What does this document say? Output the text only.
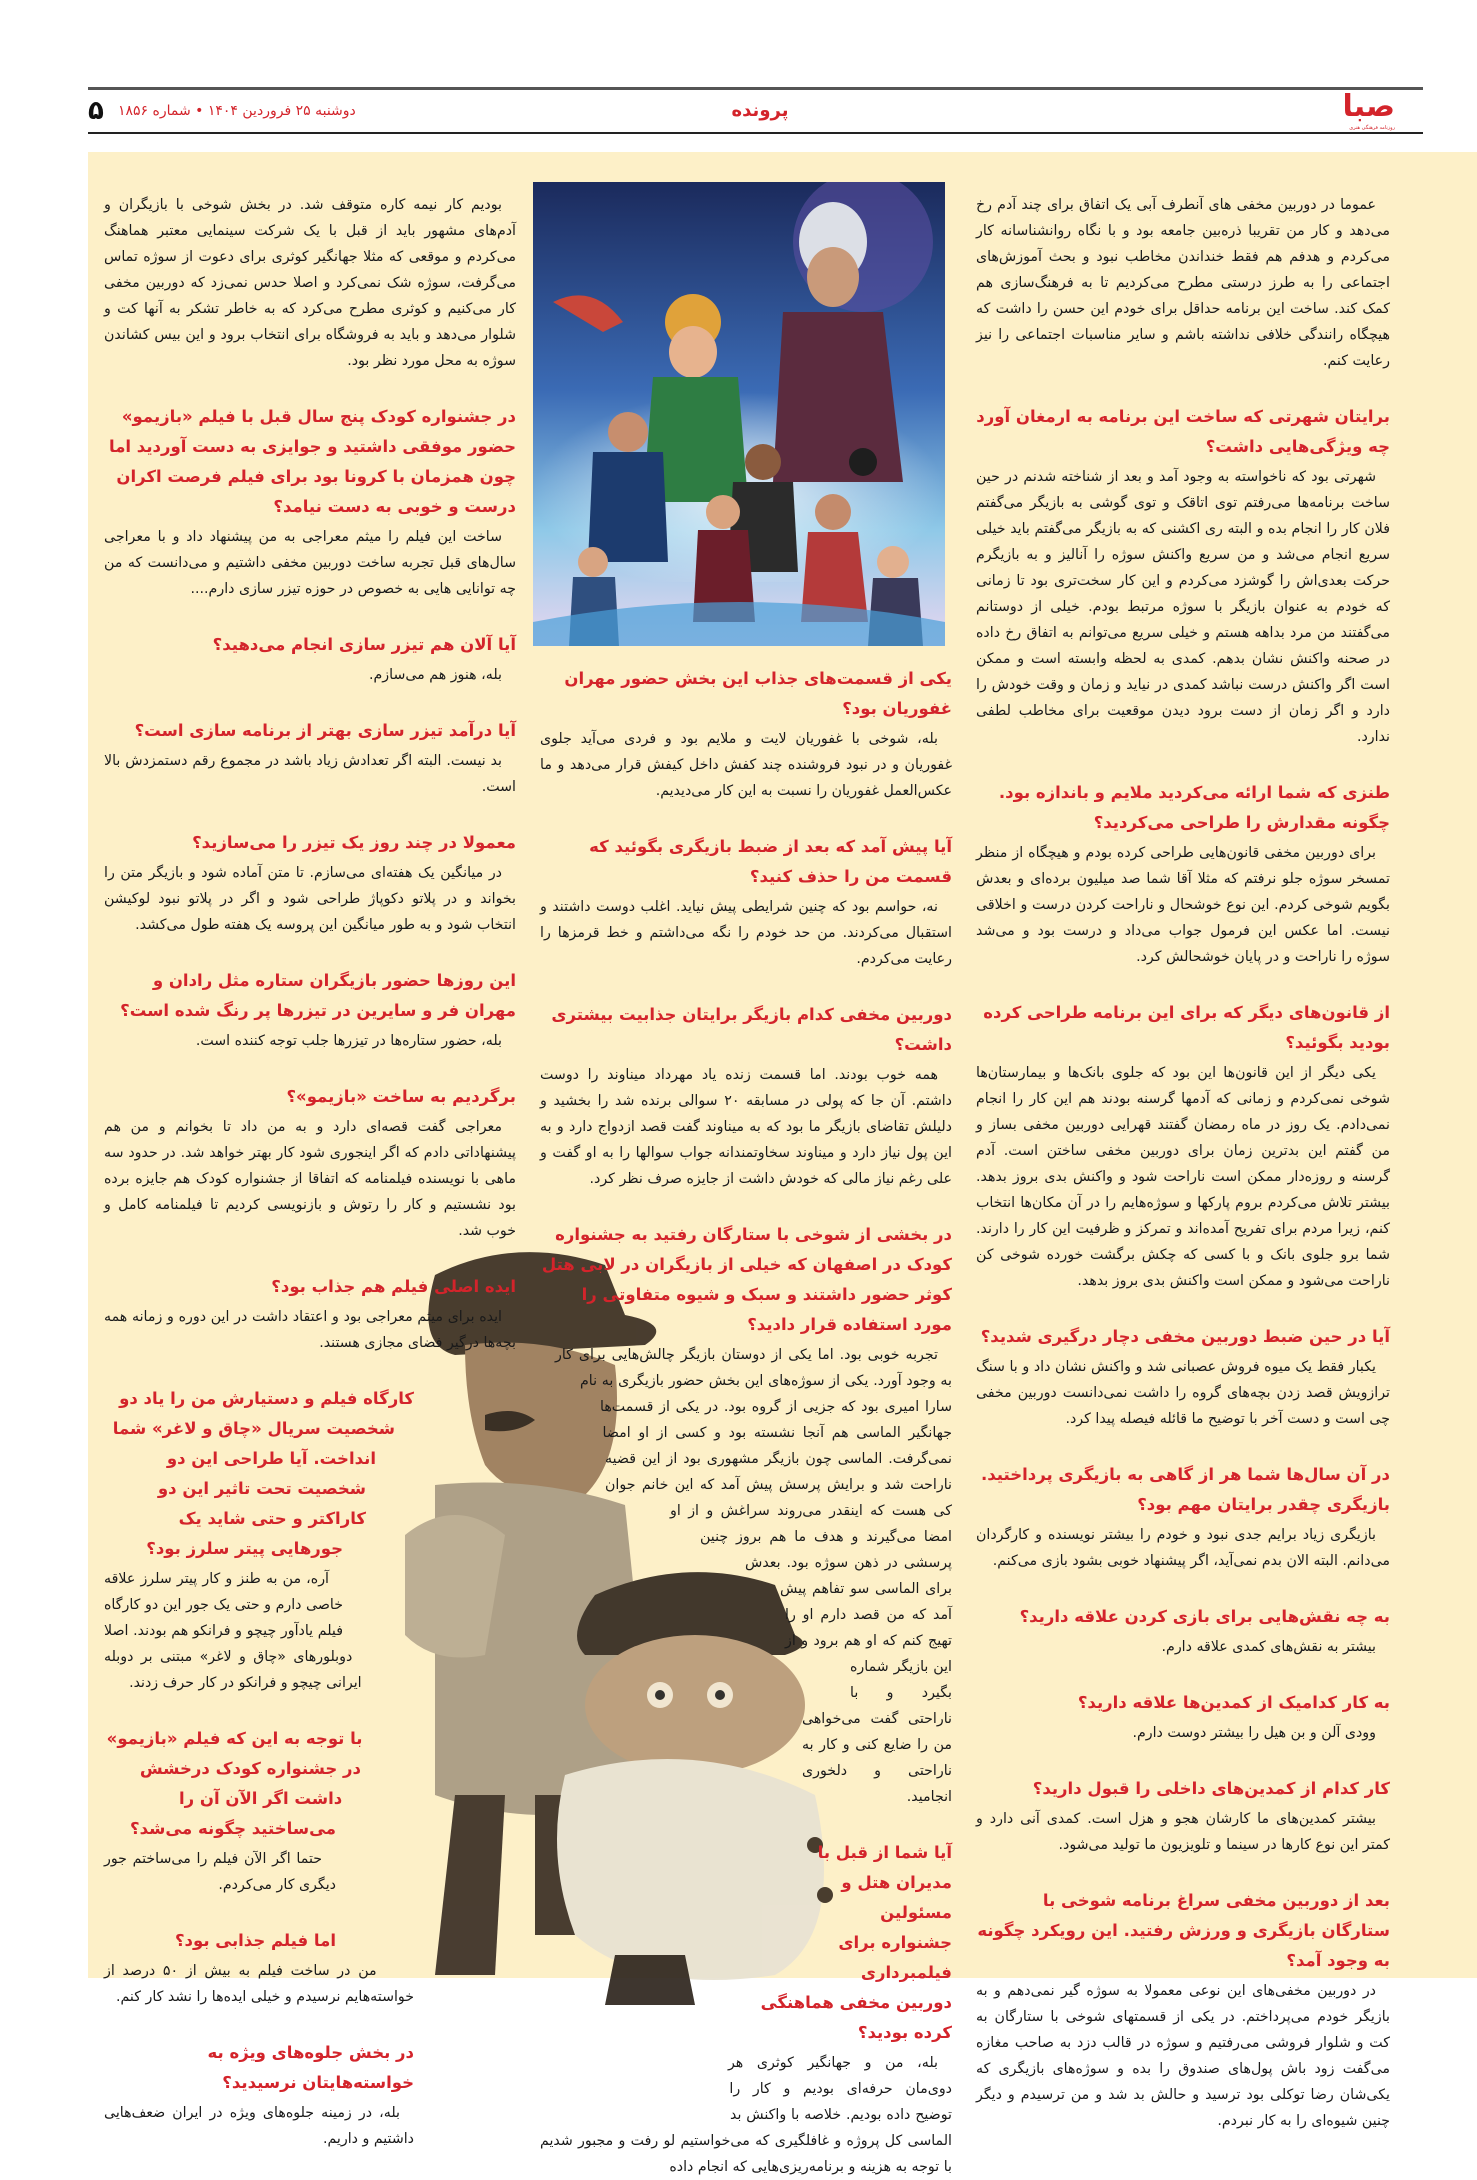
صبا
روزنامه فرهنگی هنری
پرونده
دوشنبه ۲۵ فروردین ۱۴۰۴ • شماره ۱۸۵۶
۵

عموما در دوربین مخفی های آنطرف آبی یک اتفاق برای چند آدم رخ می‌دهد و کار من تقریبا ذره‌بین جامعه بود و با نگاه روانشناسانه کار می‌کردم و هدفم هم فقط خنداندن مخاطب نبود و بحث آموزش‌های اجتماعی را به طرز درستی مطرح می‌کردیم تا به فرهنگ‌سازی هم کمک کند. ساخت این برنامه حداقل برای خودم این حسن را داشت که هیچگاه رانندگی خلافی نداشته باشم و سایر مناسبات اجتماعی را نیز رعایت کنم.

برایتان شهرتی که ساخت این برنامه به ارمغان آورد چه ویژگی‌هایی داشت؟

شهرتی بود که ناخواسته به وجود آمد و بعد از شناخته شدنم در حین ساخت برنامه‌ها می‌رفتم توی اتاقک و توی گوشی به بازیگر می‌گفتم فلان کار را انجام بده و البته ری اکشنی که به بازیگر می‌گفتم باید خیلی سریع انجام می‌شد و من سریع واکنش سوژه را آنالیز و به بازیگرم حرکت بعدی‌اش را گوشزد می‌کردم و این کار سخت‌تری بود تا زمانی که خودم به عنوان بازیگر با سوژه مرتبط بودم. خیلی از دوستانم می‌گفتند من مرد بداهه هستم و خیلی سریع می‌توانم به اتفاق رخ داده در صحنه واکنش نشان بدهم. کمدی به لحظه وابسته است و ممکن است اگر واکنش درست نباشد کمدی در نیاید و زمان و وقت خودش را دارد و اگر زمان از دست برود دیدن موقعیت برای مخاطب لطفی ندارد.

طنزی که شما ارائه می‌کردید ملایم و باندازه بود. چگونه مقدارش را طراحی می‌کردید؟

برای دوربین مخفی قانون‌هایی طراحی کرده بودم و هیچگاه از منظر تمسخر سوژه جلو نرفتم که مثلا آقا شما صد میلیون برده‌ای و بعدش بگویم شوخی کردم. این نوع خوشحال و ناراحت کردن درست و اخلاقی نیست. اما عکس این فرمول جواب می‌داد و درست بود و می‌شد سوژه را ناراحت و در پایان خوشحالش کرد.

از قانون‌های دیگر که برای این برنامه طراحی کرده بودید بگوئید؟

یکی دیگر از این قانون‌ها این بود که جلوی بانک‌ها و بیمارستان‌ها شوخی نمی‌کردم و زمانی که آدمها گرسنه بودند هم این کار را انجام نمی‌دادم. یک روز در ماه رمضان گفتند قهرایی دوربین مخفی بساز و من گفتم این بدترین زمان برای دوربین مخفی ساختن است. آدم گرسنه و روزه‌دار ممکن است ناراحت شود و واکنش بدی بروز بدهد. بیشتر تلاش می‌کردم بروم پارکها و سوژه‌هایم را در آن مکان‌ها انتخاب کنم، زیرا مردم برای تفریح آمده‌اند و تمرکز و ظرفیت این کار را دارند. شما برو جلوی بانک و با کسی که چکش برگشت خورده شوخی کن ناراحت می‌شود و ممکن است واکنش بدی بروز بدهد.

آیا در حین ضبط دوربین مخفی دچار درگیری شدید؟

یکبار فقط یک میوه فروش عصبانی شد و واکنش نشان داد و با سنگ ترازویش قصد زدن بچه‌های گروه را داشت نمی‌دانست دوربین مخفی چی است و دست آخر با توضیح ما قائله فیصله پیدا کرد.

در آن سال‌ها شما هر از گاهی به بازیگری پرداختید. بازیگری چقدر برایتان مهم بود؟

بازیگری زیاد برایم جدی نبود و خودم را بیشتر نویسنده و کارگردان می‌دانم. البته الان بدم نمی‌آید، اگر پیشنهاد خوبی بشود بازی می‌کنم.

به چه نقش‌هایی برای بازی کردن علاقه دارید؟

بیشتر به نقش‌های کمدی علاقه دارم.

به کار کدامیک از کمدین‌ها علاقه دارید؟

وودی آلن و بن هیل را بیشتر دوست دارم.

کار کدام از کمدین‌های داخلی را قبول دارید؟

بیشتر کمدین‌های ما کارشان هجو و هزل است. کمدی آنی دارد و کمتر این نوع کارها در سینما و تلویزیون ما تولید می‌شود.

بعد از دوربین مخفی سراغ برنامه شوخی با ستارگان بازیگری و ورزش رفتید. این رویکرد چگونه به وجود آمد؟

در دوربین مخفی‌های این نوعی معمولا به سوژه گیر نمی‌دهم و به بازیگر خودم می‌پرداختم. در یکی از قسمتهای شوخی با ستارگان به کت و شلوار فروشی می‌رفتیم و سوژه در قالب دزد به صاحب مغازه می‌گفت زود باش پول‌های صندوق را بده و سوژه‌های بازیگری که یکی‌شان رضا توکلی بود ترسید و حالش بد شد و من ترسیدم و دیگر چنین شیوه‌ای را به کار نبردم.

یکی از قسمت‌های جذاب این بخش حضور مهران غفوریان بود؟

بله، شوخی با غفوریان لایت و ملایم بود و فردی می‌آید جلوی غفوریان و در نبود فروشنده چند کفش داخل کیفش قرار می‌دهد و ما عکس‌العمل غفوریان را نسبت به این کار می‌دیدیم.

آیا پیش آمد که بعد از ضبط بازیگری بگوئید که قسمت من را حذف کنید؟

نه، حواسم بود که چنین شرایطی پیش نیاید. اغلب دوست داشتند و استقبال می‌کردند. من حد خودم را نگه می‌داشتم و خط قرمزها را رعایت می‌کردم.

دوربین مخفی کدام بازیگر برایتان جذابیت بیشتری داشت؟

همه خوب بودند. اما قسمت زنده یاد مهرداد میناوند را دوست داشتم. آن جا که پولی در مسابقه ۲۰ سوالی برنده شد را بخشید و دلیلش تقاضای بازیگر ما بود که به میناوند گفت قصد ازدواج دارد و به این پول نیاز دارد و میناوند سخاوتمندانه جواب سوالها را به او گفت و علی رغم نیاز مالی که خودش داشت از جایزه صرف نظر کرد.

در بخشی از شوخی با ستارگان رفتید به جشنواره کودک در اصفهان که خیلی از بازیگران در لابی هتل کوثر حضور داشتند و سبک و شیوه متفاوتی را مورد استفاده قرار دادید؟

تجربه خوبی بود. اما یکی از دوستان بازیگر چالش‌هایی برای کار به وجود آورد. یکی از سوژه‌های این بخش حضور بازیگری به نام سارا امیری بود که جزیی از گروه بود. در یکی از قسمت‌ها جهانگیر الماسی هم آنجا نشسته بود و کسی از او امضا نمی‌گرفت. الماسی چون بازیگر مشهوری بود از این قضیه ناراحت شد و برایش پرسش پیش آمد که این خانم جوان کی هست که اینقدر می‌روند سراغش و از او امضا می‌گیرند و هدف ما هم بروز چنین پرسشی در ذهن سوژه بود. بعدش برای الماسی سو تفاهم پیش آمد که من قصد دارم او را تهیج کنم که او هم برود و از این بازیگر شماره بگیرد و با ناراحتی گفت می‌خواهی من را ضایع کنی و کار به ناراحتی و دلخوری انجامید.

آیا شما از قبل با مدیران هتل و مسئولین جشنواره برای فیلمبرداری دوربین مخفی هماهنگی کرده بودید؟

بله، من و جهانگیر کوثری هر دوی‌مان حرفه‌ای بودیم و کار را توضیح داده بودیم. خلاصه با واکنش بد الماسی کل پروژه و غافلگیری که می‌خواستیم لو رفت و مجبور شدیم با توجه به هزینه و برنامه‌ریزی‌هایی که انجام داده

بودیم کار نیمه کاره متوقف شد. در بخش شوخی با بازیگران و آدم‌های مشهور باید از قبل با یک شرکت سینمایی معتبر هماهنگ می‌کردم و موقعی که مثلا جهانگیر کوثری برای دعوت از سوژه تماس می‌گرفت، سوژه شک نمی‌کرد و اصلا حدس نمی‌زد که دوربین مخفی کار می‌کنیم و کوثری مطرح می‌کرد که به خاطر تشکر به آنها کت و شلوار می‌دهد و باید به فروشگاه برای انتخاب برود و این بیس کشاندن سوژه به محل مورد نظر بود.

در جشنواره کودک پنج سال قبل با فیلم «بازیمو» حضور موفقی داشتید و جوایزی به دست آوردید اما چون همزمان با کرونا بود برای فیلم فرصت اکران درست و خوبی به دست نیامد؟

ساخت این فیلم را میثم معراجی به من پیشنهاد داد و با معراجی سال‌های قبل تجربه ساخت دوربین مخفی داشتیم و می‌دانست که من چه توانایی هایی به خصوص در حوزه تیزر سازی دارم....

آیا آلان هم تیزر سازی انجام می‌دهید؟

بله، هنوز هم می‌سازم.

آیا درآمد تیزر سازی بهتر از برنامه سازی است؟

بد نیست. البته اگر تعدادش زیاد باشد در مجموع رقم دستمزدش بالا است.

معمولا در چند روز یک تیزر را می‌سازید؟

در میانگین یک هفته‌ای می‌سازم. تا متن آماده شود و بازیگر متن را بخواند و در پلاتو دکوپاژ طراحی شود و اگر در پلاتو نبود لوکیشن انتخاب شود و به طور میانگین این پروسه یک هفته طول می‌کشد.

این روزها حضور بازیگران ستاره مثل رادان و مهران فر و سایرین در تیزرها پر رنگ شده است؟

بله، حضور ستاره‌ها در تیزرها جلب توجه کننده است.

برگردیم به ساخت «بازیمو»؟

معراجی گفت قصه‌ای دارد و به من داد تا بخوانم و من هم پیشنهاداتی دادم که اگر اینجوری شود کار بهتر خواهد شد. در حدود سه ماهی با نویسنده فیلمنامه که اتفاقا از جشنواره کودک هم جایزه برده بود نشستیم و کار را رتوش و بازنویسی کردیم تا فیلمنامه کامل و خوب شد.

ایده اصلی فیلم هم جذاب بود؟

ایده برای میثم معراجی بود و اعتقاد داشت در این دوره و زمانه همه بچه‌ها درگیر فضای مجازی هستند.

کارگاه فیلم و دستیارش من را یاد دو شخصیت سریال «چاق و لاغر» شما انداخت. آیا طراحی این دو شخصیت تحت تاثیر این دو کاراکتر و حتی شاید یک جورهایی پیتر سلرز بود؟

آره، من به طنز و کار پیتر سلرز علاقه خاصی دارم و حتی یک جور این دو کارگاه فیلم یادآور چیچو و فرانکو هم بودند. اصلا دوبلورهای «چاق و لاغر» مبتنی بر دوبله ایرانی چیچو و فرانکو در کار حرف زدند.

با توجه به این که فیلم «بازیمو» در جشنواره کودک درخشش داشت اگر الآن آن را می‌ساختید چگونه می‌شد؟

حتما اگر الآن فیلم را می‌ساختم جور دیگری کار می‌کردم.

اما فیلم جذابی بود؟

من در ساخت فیلم به بیش از ۵۰ درصد از خواسته‌هایم نرسیدم و خیلی ایده‌ها را نشد کار کنم.

در بخش جلوه‌های ویژه به خواسته‌هایتان نرسیدید؟

بله، در زمینه جلوه‌های ویژه در ایران ضعف‌هایی داشتیم و داریم.
